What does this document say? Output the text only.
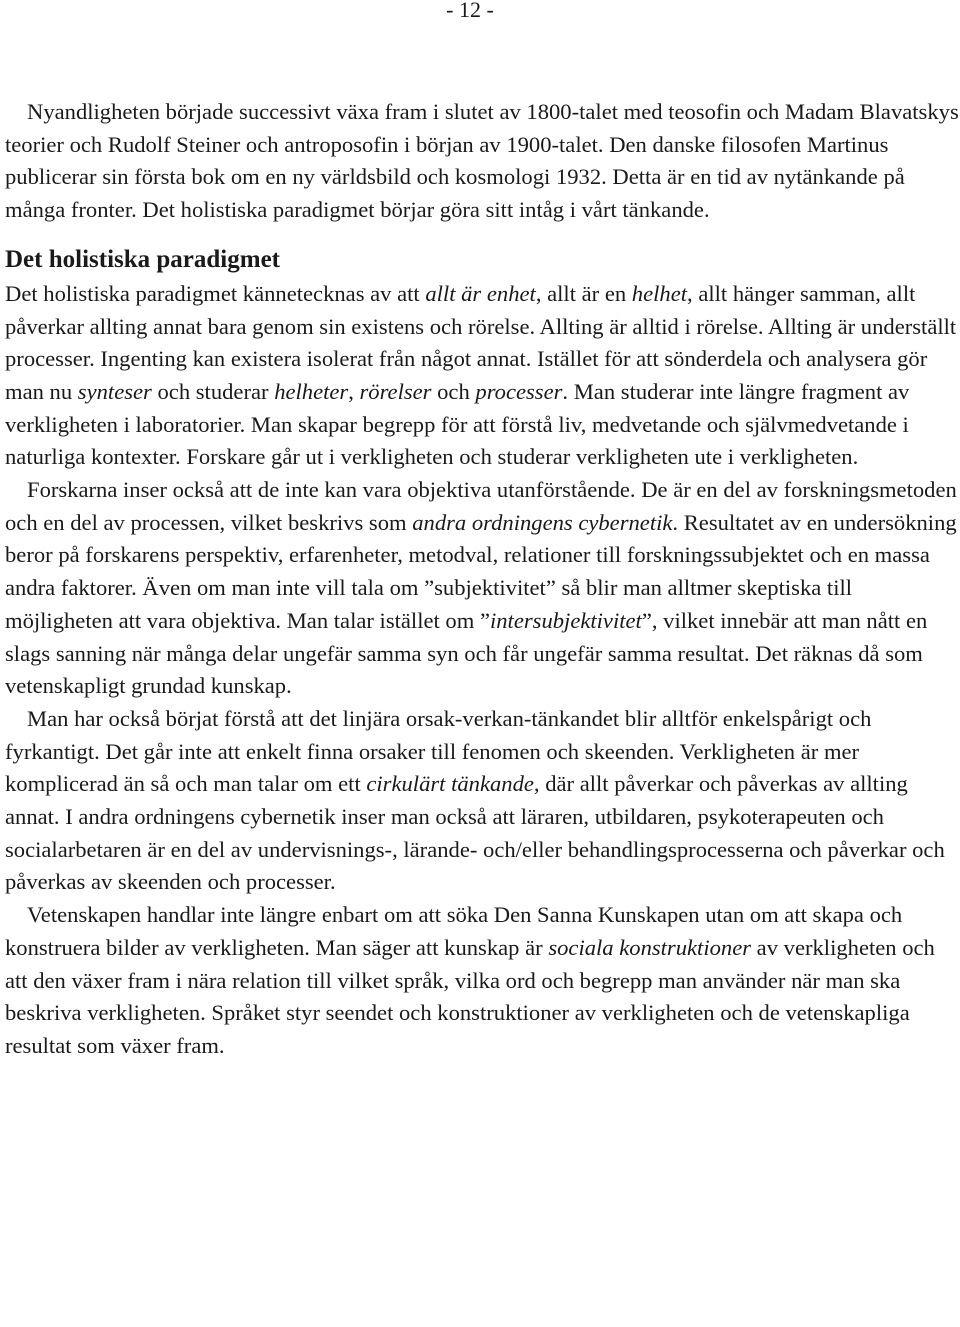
- 12 -

Nyandligheten började successivt växa fram i slutet av 1800-talet med teosofin och Madam Blavatskys teorier och Rudolf Steiner och antroposofin i början av 1900-talet. Den danske filosofen Martinus publicerar sin första bok om en ny världsbild och kosmologi 1932. Detta är en tid av nytänkande på många fronter. Det holistiska paradigmet börjar göra sitt intåg i vårt tänkande.

Det holistiska paradigmet

Det holistiska paradigmet kännetecknas av att allt är enhet, allt är en helhet, allt hänger samman, allt påverkar allting annat bara genom sin existens och rörelse. Allting är alltid i rörelse. Allting är underställt processer. Ingenting kan existera isolerat från något annat. Istället för att sönderdela och analysera gör man nu synteser och studerar helheter, rörelser och processer. Man studerar inte längre fragment av verkligheten i laboratorier. Man skapar begrepp för att förstå liv, medvetande och självmedvetande i naturliga kontexter. Forskare går ut i verkligheten och studerar verkligheten ute i verkligheten.

Forskarna inser också att de inte kan vara objektiva utanförstående. De är en del av forskningsmetoden och en del av processen, vilket beskrivs som andra ordningens cybernetik. Resultatet av en undersökning beror på forskarens perspektiv, erfarenheter, metodval, relationer till forskningssubjektet och en massa andra faktorer. Även om man inte vill tala om ”subjektivitet” så blir man alltmer skeptiska till möjligheten att vara objektiva. Man talar istället om ”intersubjektivitet”, vilket innebär att man nått en slags sanning när många delar ungefär samma syn och får ungefär samma resultat. Det räknas då som vetenskapligt grundad kunskap.

Man har också börjat förstå att det linjära orsak-verkan-tänkandet blir alltför enkelspårigt och fyrkantigt. Det går inte att enkelt finna orsaker till fenomen och skeenden. Verkligheten är mer komplicerad än så och man talar om ett cirkulärt tänkande, där allt påverkar och påverkas av allting annat. I andra ordningens cybernetik inser man också att läraren, utbildaren, psykoterapeuten och socialarbetaren är en del av undervisnings-, lärande- och/eller behandlingsprocesserna och påverkar och påverkas av skeenden och processer.

Vetenskapen handlar inte längre enbart om att söka Den Sanna Kunskapen utan om att skapa och konstruera bilder av verkligheten. Man säger att kunskap är sociala konstruktioner av verkligheten och att den växer fram i nära relation till vilket språk, vilka ord och begrepp man använder när man ska beskriva verkligheten. Språket styr seendet och konstruktioner av verkligheten och de vetenskapliga resultat som växer fram.
